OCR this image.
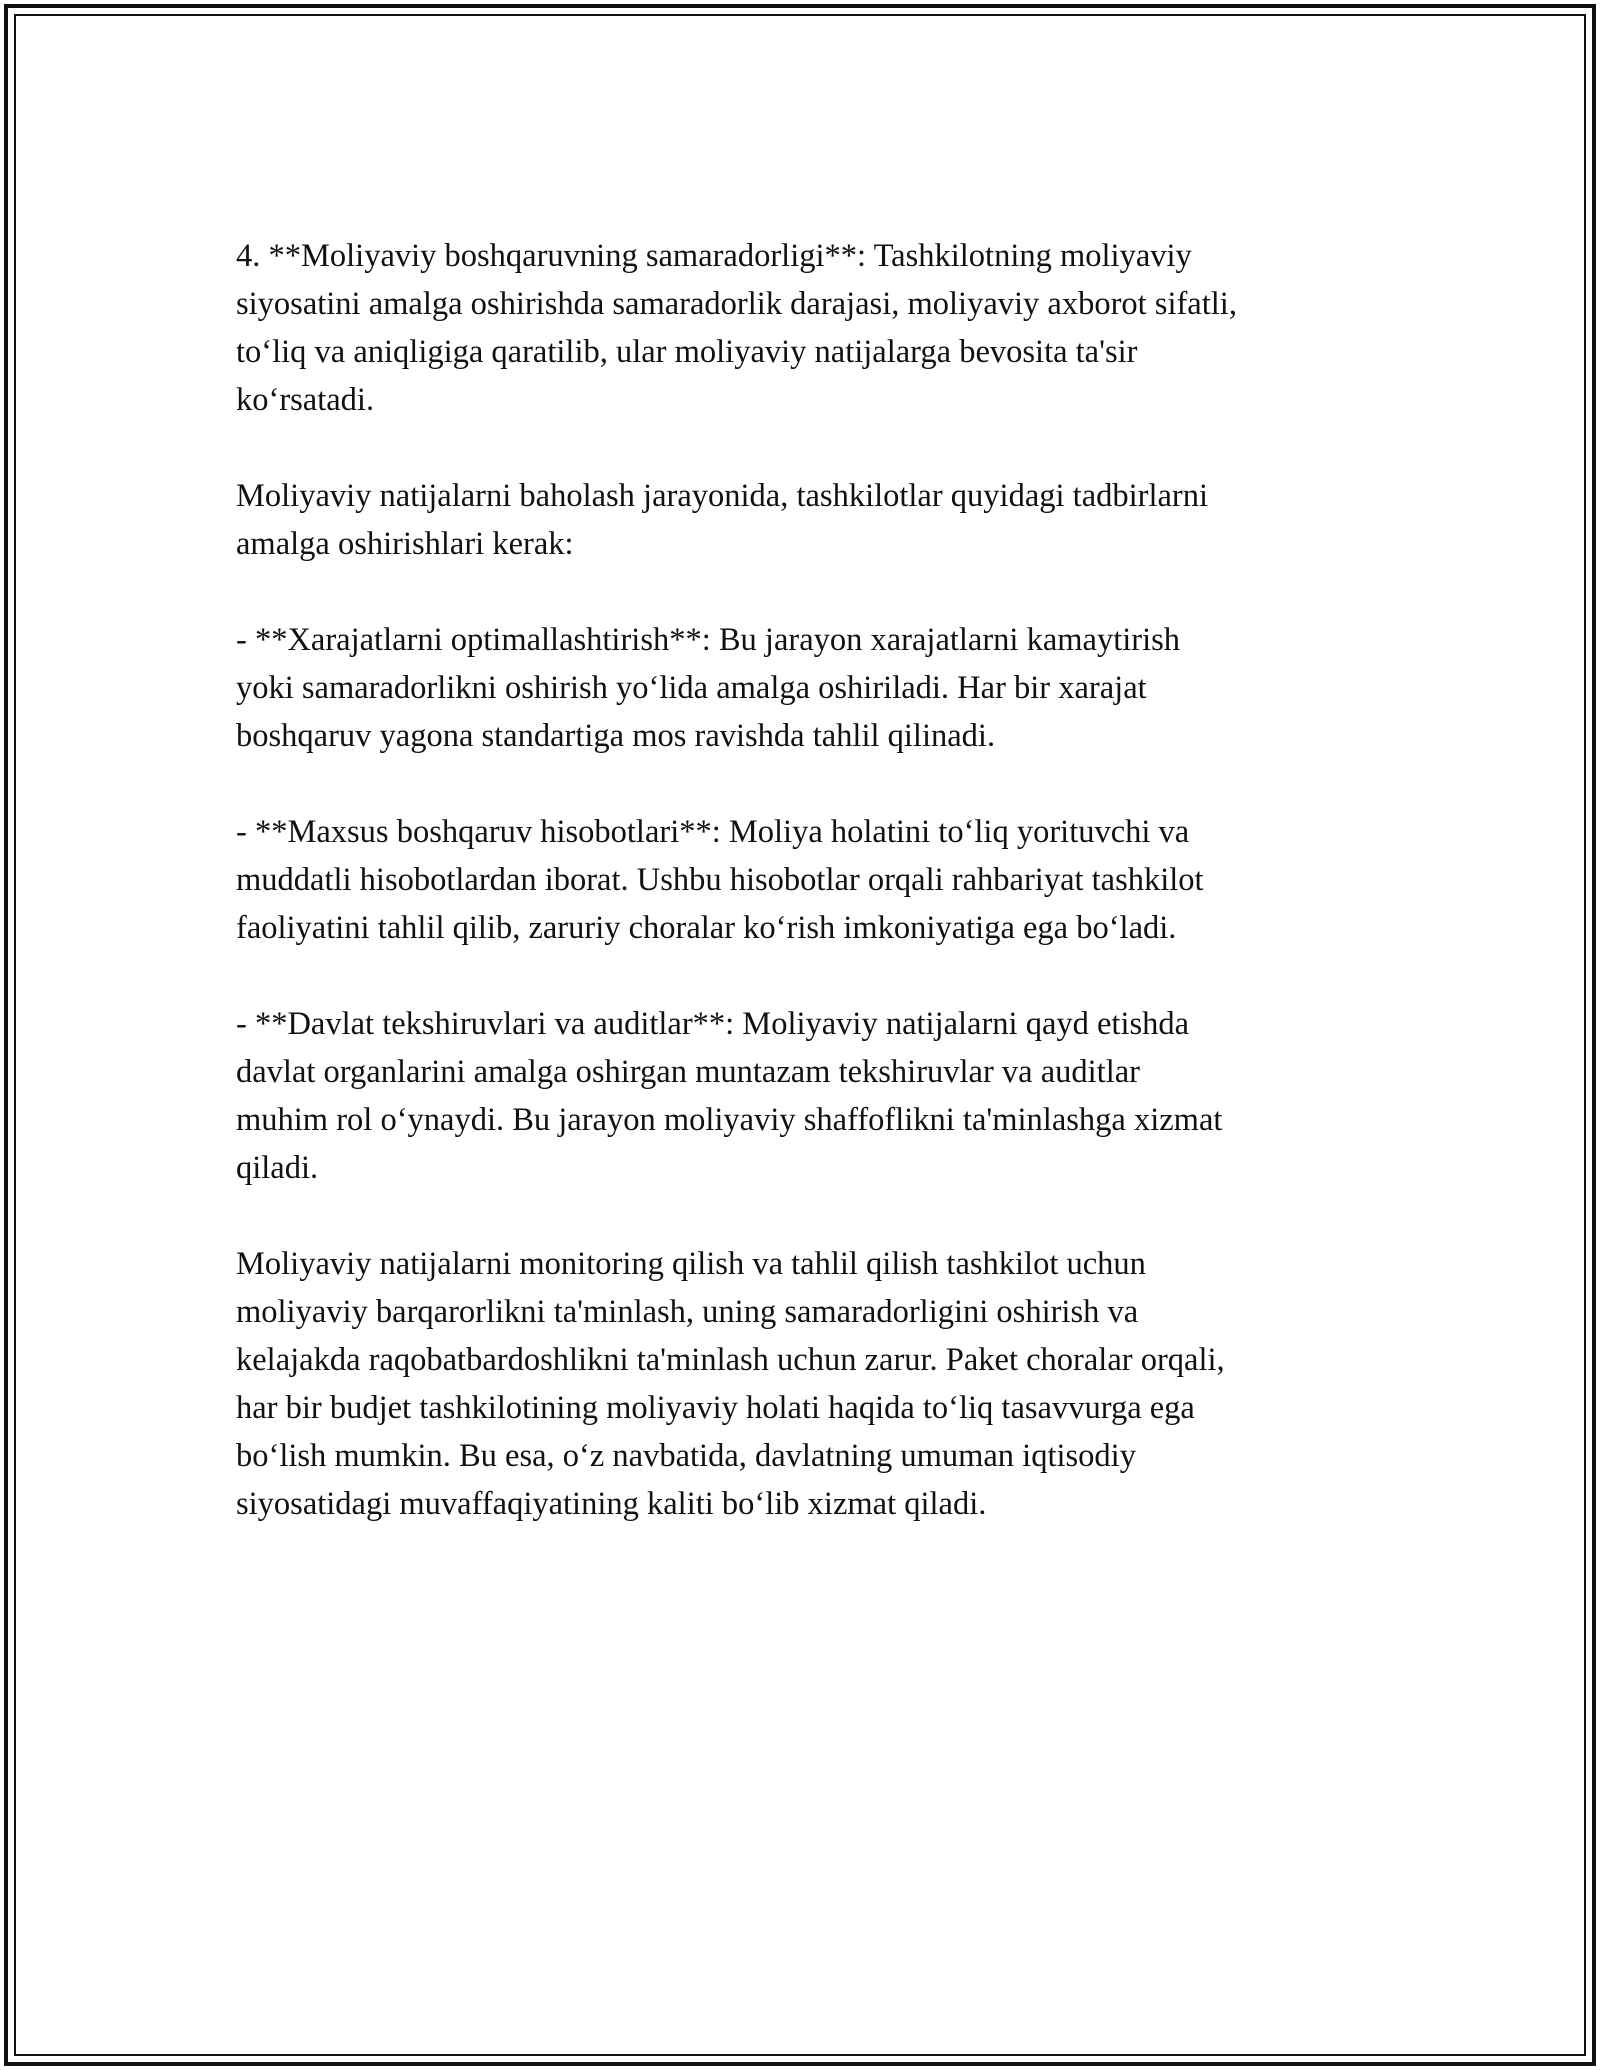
4. **Moliyaviy boshqaruvning samaradorligi**: Tashkilotning moliyaviy
siyosatini amalga oshirishda samaradorlik darajasi, moliyaviy axborot sifatli,
to‘liq va aniqligiga qaratilib, ular moliyaviy natijalarga bevosita ta'sir
ko‘rsatadi.

Moliyaviy natijalarni baholash jarayonida, tashkilotlar quyidagi tadbirlarni
amalga oshirishlari kerak:

- **Xarajatlarni optimallashtirish**: Bu jarayon xarajatlarni kamaytirish
yoki samaradorlikni oshirish yo‘lida amalga oshiriladi. Har bir xarajat
boshqaruv yagona standartiga mos ravishda tahlil qilinadi.

- **Maxsus boshqaruv hisobotlari**: Moliya holatini to‘liq yorituvchi va
muddatli hisobotlardan iborat. Ushbu hisobotlar orqali rahbariyat tashkilot
faoliyatini tahlil qilib, zaruriy choralar ko‘rish imkoniyatiga ega bo‘ladi.

- **Davlat tekshiruvlari va auditlar**: Moliyaviy natijalarni qayd etishda
davlat organlarini amalga oshirgan muntazam tekshiruvlar va auditlar
muhim rol o‘ynaydi. Bu jarayon moliyaviy shaffoflikni ta'minlashga xizmat
qiladi.

Moliyaviy natijalarni monitoring qilish va tahlil qilish tashkilot uchun
moliyaviy barqarorlikni ta'minlash, uning samaradorligini oshirish va
kelajakda raqobatbardoshlikni ta'minlash uchun zarur. Paket choralar orqali,
har bir budjet tashkilotining moliyaviy holati haqida to‘liq tasavvurga ega
bo‘lish mumkin. Bu esa, o‘z navbatida, davlatning umuman iqtisodiy
siyosatidagi muvaffaqiyatining kaliti bo‘lib xizmat qiladi.
